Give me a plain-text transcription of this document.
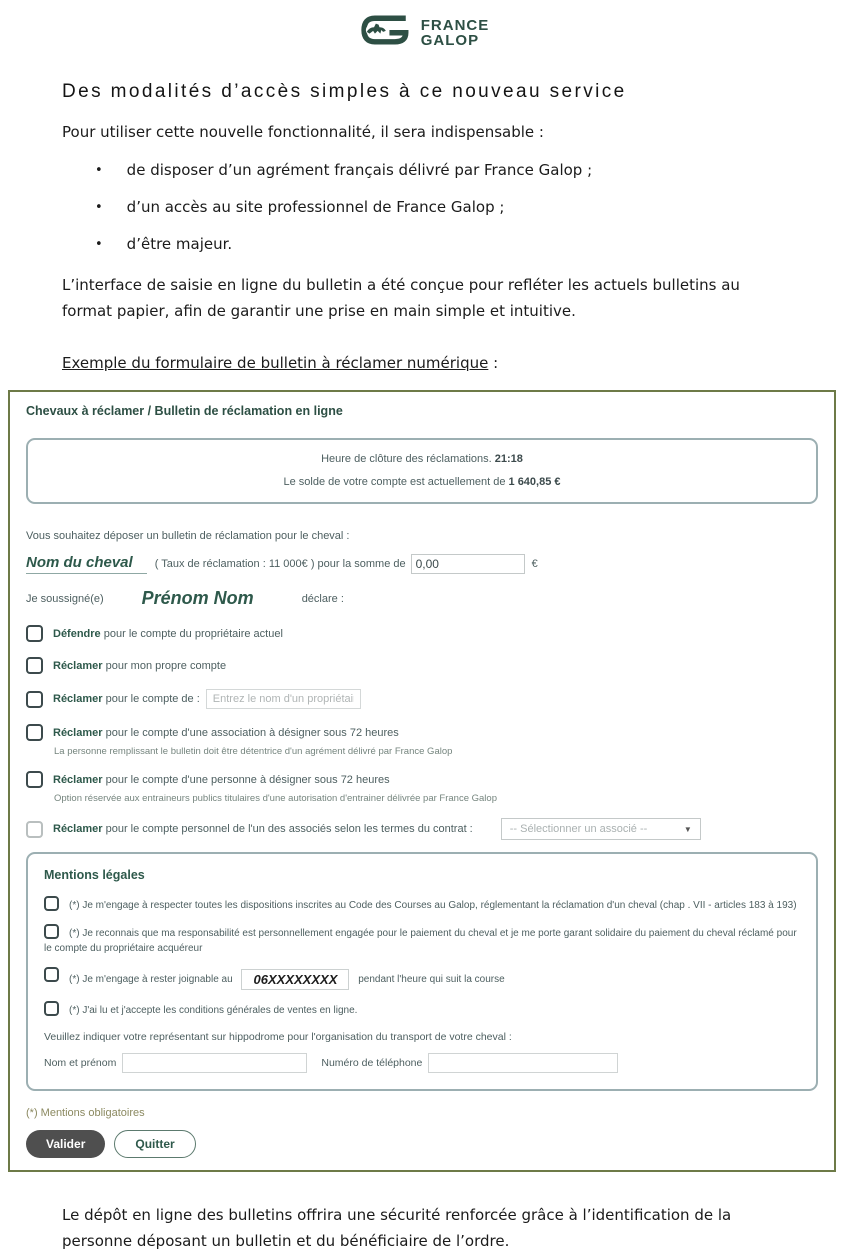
FRANCE
GALOP
Des modalités d’accès simples à ce nouveau service
Pour utiliser cette nouvelle fonctionnalité, il sera indispensable :
• de disposer d’un agrément français délivré par France Galop ;
• d’un accès au site professionnel de France Galop ;
• d’être majeur.
L’interface de saisie en ligne du bulletin a été conçue pour refléter les actuels bulletins au format papier, afin de garantir une prise en main simple et intuitive.
Exemple du formulaire de bulletin à réclamer numérique :
Chevaux à réclamer / Bulletin de réclamation en ligne
Heure de clôture des réclamations. 21:18
Le solde de votre compte est actuellement de 1 640,85 €
Vous souhaitez déposer un bulletin de réclamation pour le cheval :
Nom du cheval	( Taux de réclamation : 11 000€ ) pour la somme de
0,00	€
Je soussigné(e) Prénom Nom	déclare :
Défendre pour le compte du propriétaire actuel
Réclamer pour mon propre compte
Réclamer pour le compte de :
Entrez le nom d'un propriétaire
Réclamer pour le compte d'une association à désigner sous 72 heures
La personne remplissant le bulletin doit être détentrice d'un agrément délivré par France Galop
Réclamer pour le compte d'une personne à désigner sous 72 heures
Option réservée aux entraineurs publics titulaires d'une autorisation d'entrainer délivrée par France Galop
Réclamer pour le compte personnel de l'un des associés selon les termes du contrat :	-- Sélectionner un associé --	▼
Mentions légales

(*) Je m'engage à respecter toutes les dispositions inscrites au Code des Courses au Galop, réglementant la réclamation d'un cheval (chap . VII - articles 183 à 193)

(*) Je reconnais que ma responsabilité est personnellement engagée pour le paiement du cheval et je me porte garant solidaire du paiement du cheval réclamé pour le compte du propriétaire acquéreur

(*) Je m'engage à rester joignable au 06XXXXXXXX	pendant l'heure qui suit la course

(*) J'ai lu et j'accepte les conditions générales de ventes en ligne.

Veuillez indiquer votre représentant sur hippodrome pour l'organisation du transport de votre cheval :
Nom et prénom	Numéro de téléphone
(*) Mentions obligatoires
Valider	Quitter
Le dépôt en ligne des bulletins offrira une sécurité renforcée grâce à l’identification de la personne déposant un bulletin et du bénéficiaire de l’ordre.
